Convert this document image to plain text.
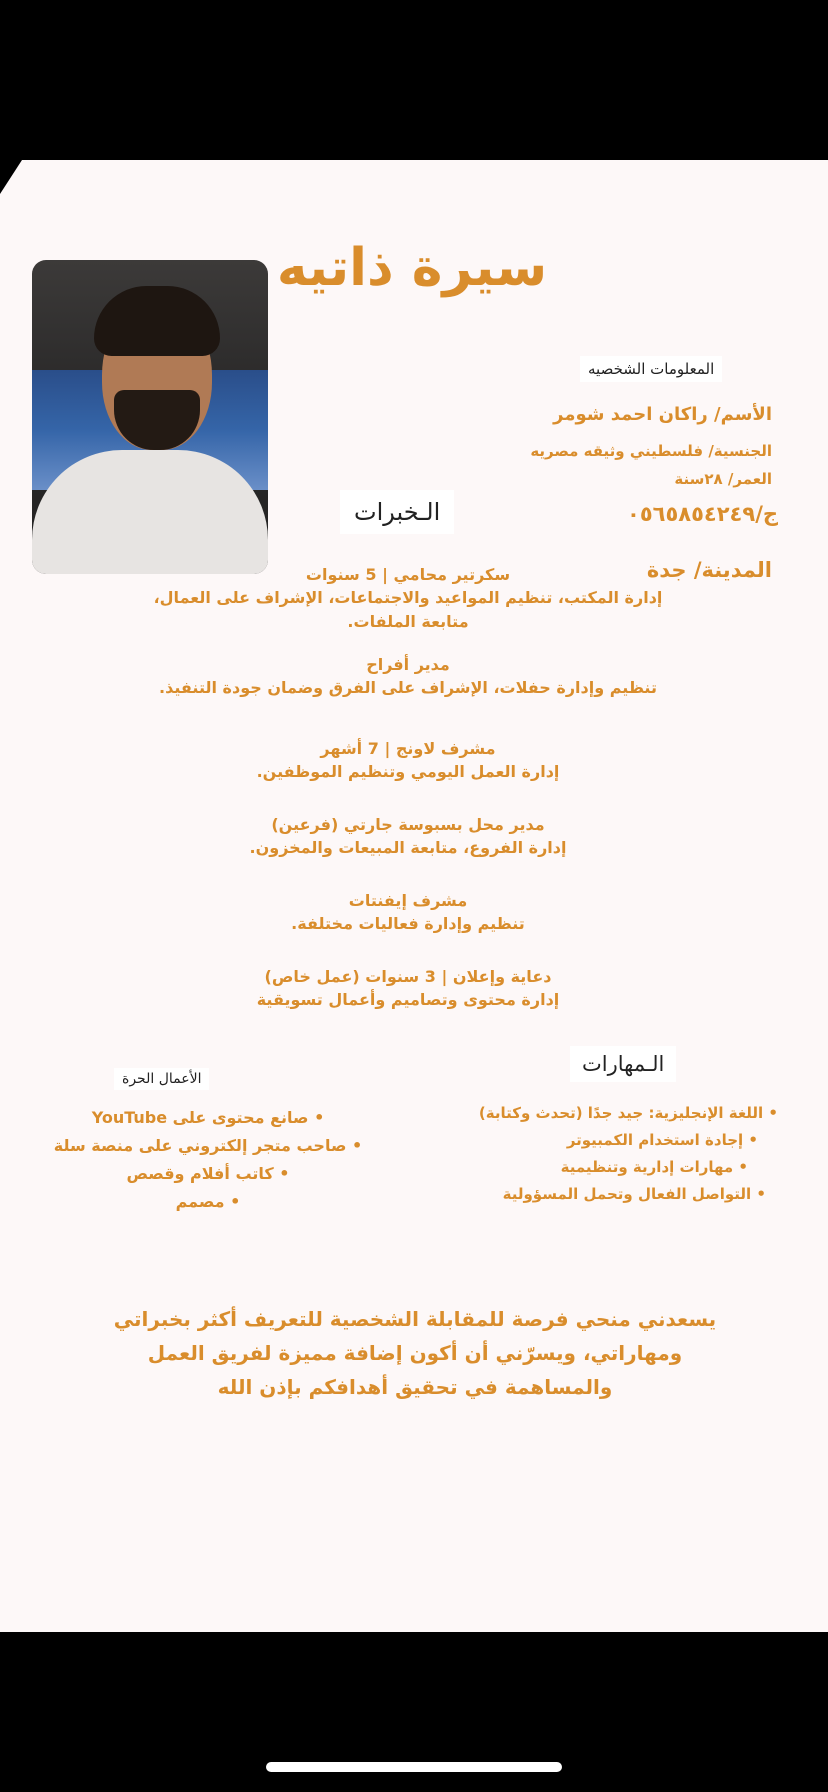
سيرة ذاتيه
المعلومات الشخصيه
الأسم/ راكان احمد شومر
الجنسية/ فلسطيني وثيقه مصريه
العمر/ ٢٨سنة
ج/٠٥٦٥٨٥٤٢٤٩
المدينة/ جدة
الـخبرات
سكرتير محامي | 5 سنوات
إدارة المكتب، تنظيم المواعيد والاجتماعات، الإشراف على العمال، متابعة الملفات.
مدير أفراح
تنظيم وإدارة حفلات، الإشراف على الفرق وضمان جودة التنفيذ.
مشرف لاونج | 7 أشهر
إدارة العمل اليومي وتنظيم الموظفين.
مدير محل بسبوسة جارتي (فرعين)
إدارة الفروع، متابعة المبيعات والمخزون.
مشرف إيفنتات
تنظيم وإدارة فعاليات مختلفة.
دعاية وإعلان | 3 سنوات (عمل خاص)
إدارة محتوى وتصاميم وأعمال تسويقية
الـمهارات
• اللغة الإنجليزية: جيد جدًا (تحدث وكتابة)
• إجادة استخدام الكمبيوتر
• مهارات إدارية وتنظيمية
• التواصل الفعال وتحمل المسؤولية
الأعمال الحرة
• صانع محتوى على YouTube
• صاحب متجر إلكتروني على منصة سلة
• كاتب أفلام وقصص
• مصمم
يسعدني منحي فرصة للمقابلة الشخصية للتعريف أكثر بخبراتي ومهاراتي، ويسرّني أن أكون إضافة مميزة لفريق العمل والمساهمة في تحقيق أهدافكم بإذن الله
